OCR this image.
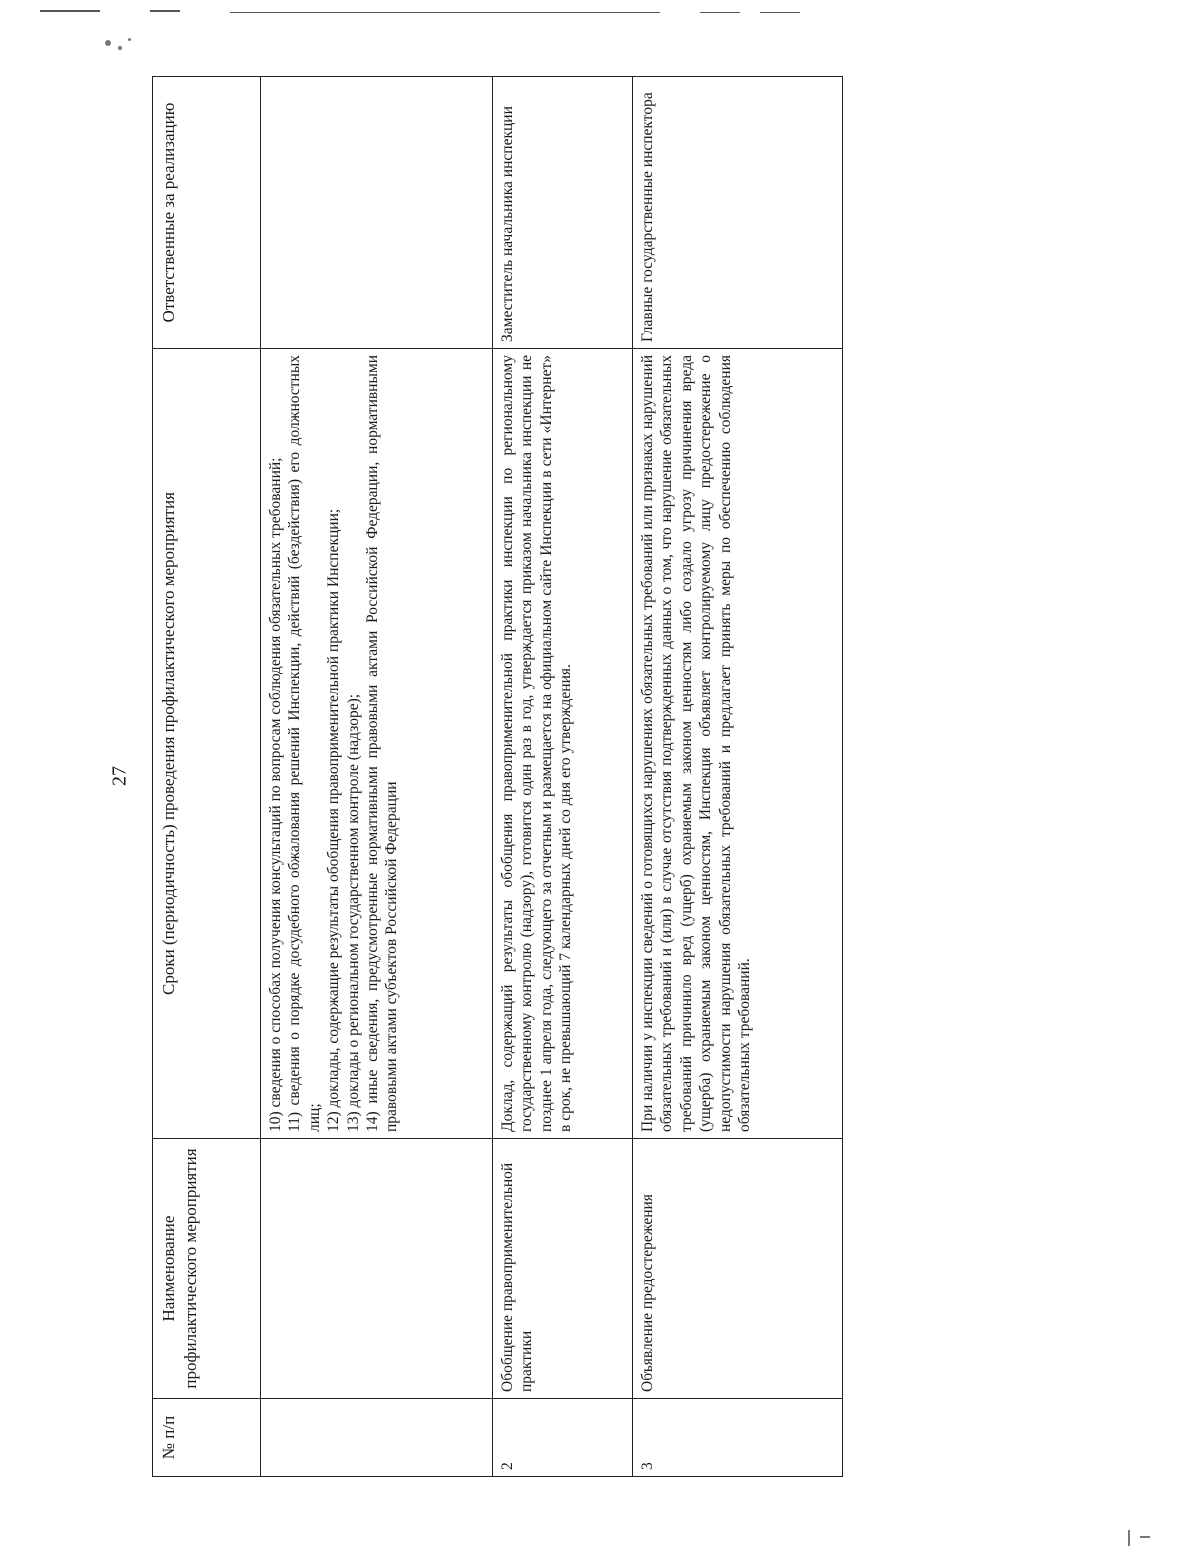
27
№ п/п	Наименование профилактического мероприятия	Сроки (периодичность) проведения профилактического мероприятия	Ответственные за реализацию

		10) сведения о способах получения консультаций по вопросам соблюдения обязательных требований; 11) сведения о порядке досудебного обжалования решений Инспекции, действий (бездействия) его должностных лиц; 12) доклады, содержащие результаты обобщения правоприменительной практики Инспекции; 13) доклады о региональном государственном контроле (надзоре); 14) иные сведения, предусмотренные нормативными правовыми актами Российской Федерации, нормативными правовыми актами субъектов Российской Федерации	

2	Обобщение правоприменительной практики	Доклад, содержащий результаты обобщения правоприменительной практики инспекции по региональному государственному контролю (надзору), готовится один раз в год, утверждается приказом начальника инспекции не позднее 1 апреля года, следующего за отчетным и размещается на официальном сайте Инспекции в сети «Интернет» в срок, не превышающий 7 календарных дней со дня его утверждения.	Заместитель начальника инспекции
3	Объявление предостережения	При наличии у инспекции сведений о готовящихся нарушениях обязательных требований или признаках нарушений обязательных требований и (или) в случае отсутствия подтвержденных данных о том, что нарушение обязательных требований причинило вред (ущерб) охраняемым законом ценностям либо создало угрозу причинения вреда (ущерба) охраняемым законом ценностям, Инспекция объявляет контролируемому лицу предостережение о недопустимости нарушения обязательных требований и предлагает принять меры по обеспечению соблюдения обязательных требований.	Главные государственные инспектора
